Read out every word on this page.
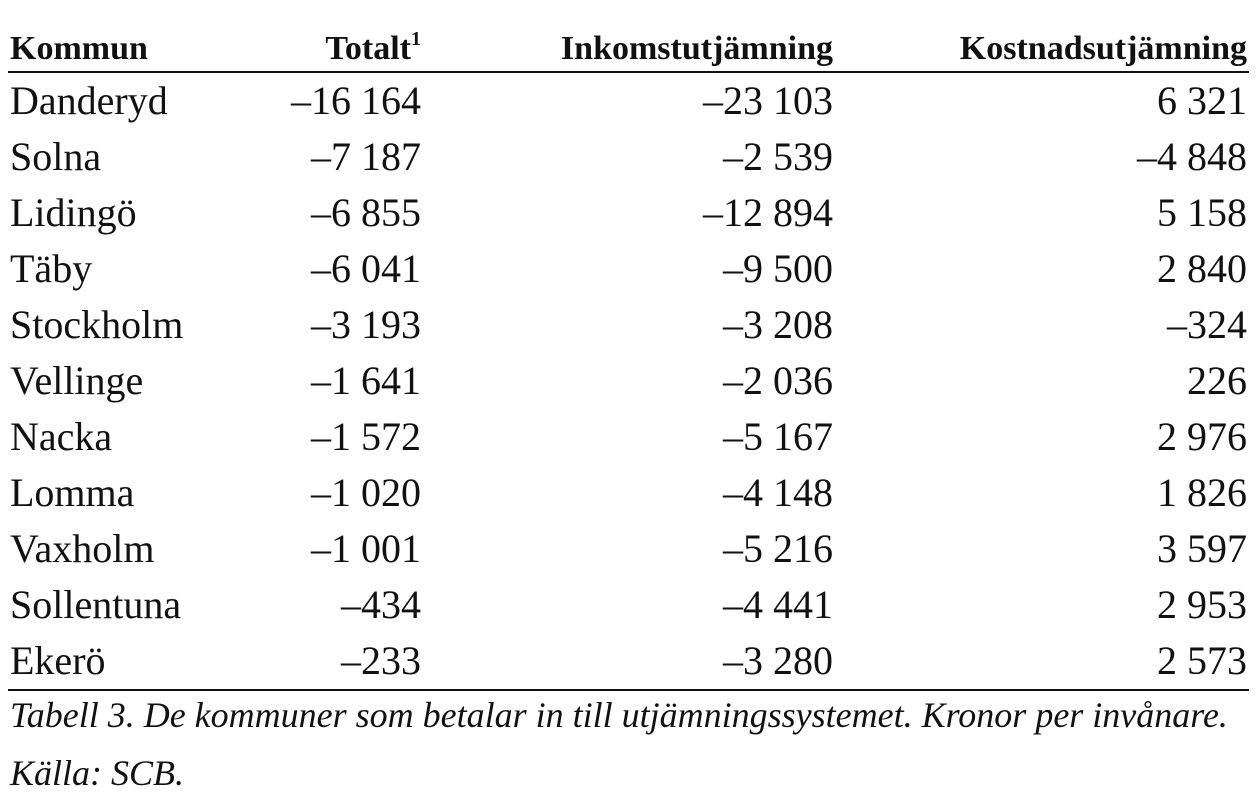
Kommun	Totalt$^1$	Inkomstutjämning	Kostnadsutjämning
Danderyd	–16 164	–23 103	6 321
Solna	–7 187	–2 539	–4 848
Lidingö	–6 855	–12 894	5 158
Täby	–6 041	–9 500	2 840
Stockholm	–3 193	–3 208	–324
Vellinge	–1 641	–2 036	226
Nacka	–1 572	–5 167	2 976
Lomma	–1 020	–4 148	1 826
Vaxholm	–1 001	–5 216	3 597
Sollentuna	–434	–4 441	2 953
Ekerö	–233	–3 280	2 573
Tabell 3. De kommuner som betalar in till utjämningssystemet. Kronor per invånare. Källa: SCB.
